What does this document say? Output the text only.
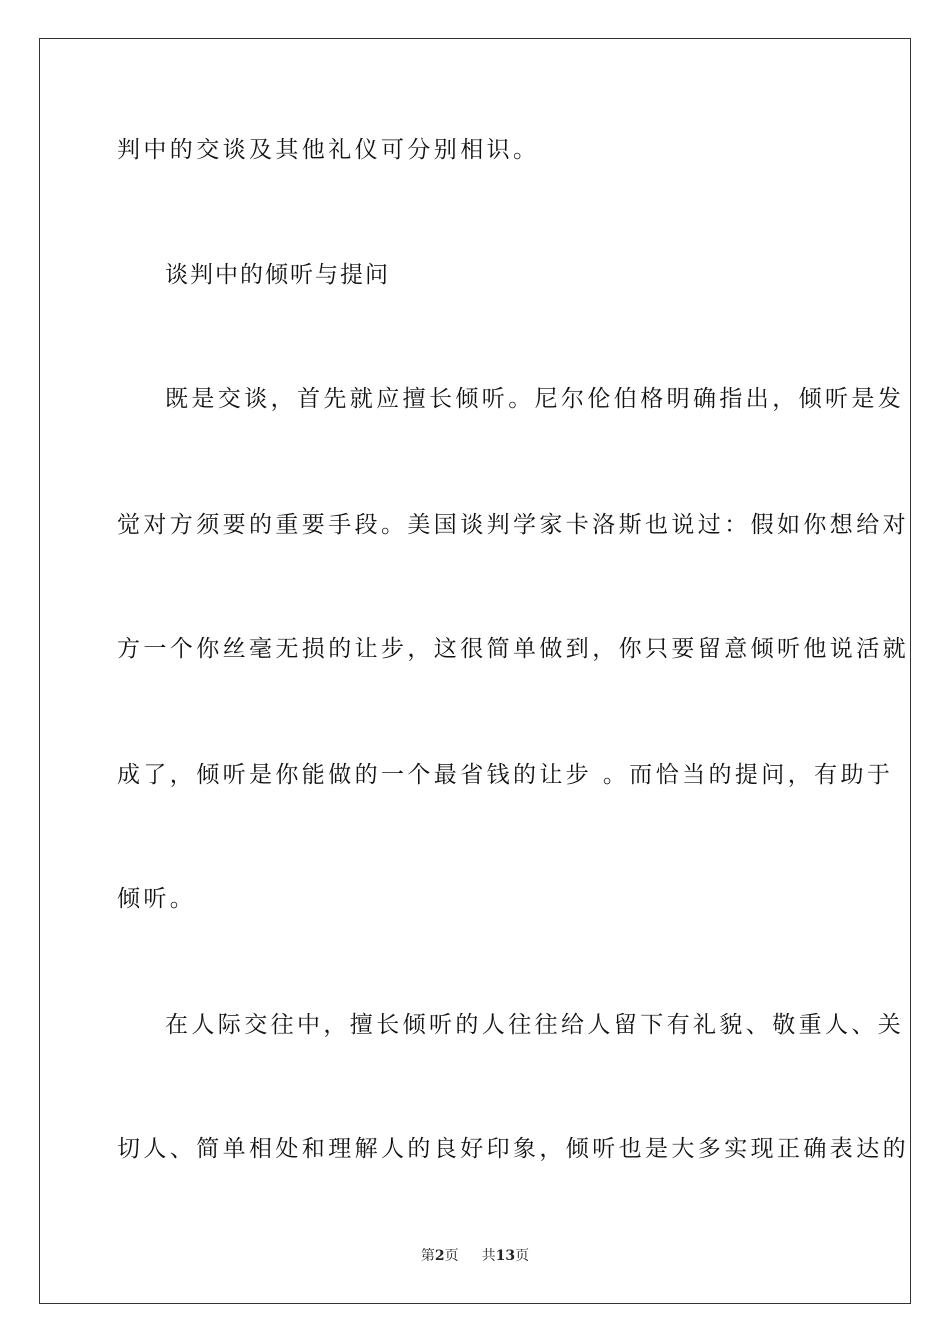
判中的交谈及其他礼仪可分别相识。
谈判中的倾听与提问
既是交谈，首先就应擅长倾听。尼尔伦伯格明确指出，倾听是发
觉对方须要的重要手段。美国谈判学家卡洛斯也说过：假如你想给对
方一个你丝毫无损的让步，这很简单做到，你只要留意倾听他说活就
成了，倾听是你能做的一个最省钱的让步 。而恰当的提问，有助于
倾听。
在人际交往中，擅长倾听的人往往给人留下有礼貌、敬重人、关
切人、简单相处和理解人的良好印象，倾听也是大多实现正确表达的
第2页 共13页
